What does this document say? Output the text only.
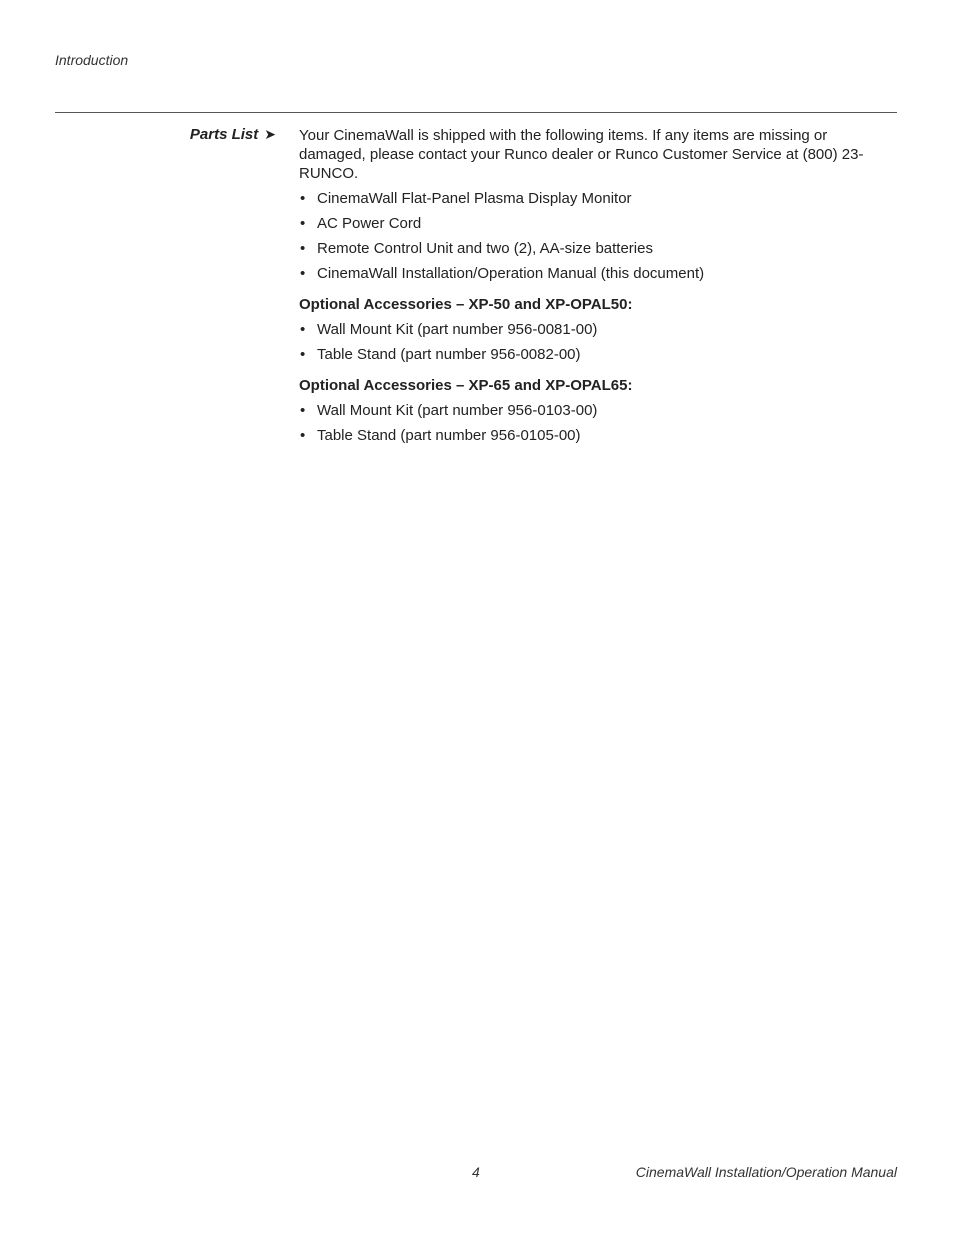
Introduction
Parts List ➤ Your CinemaWall is shipped with the following items. If any items are missing or damaged, please contact your Runco dealer or Runco Customer Service at (800) 23-RUNCO.

• CinemaWall Flat-Panel Plasma Display Monitor
• AC Power Cord
• Remote Control Unit and two (2), AA-size batteries
• CinemaWall Installation/Operation Manual (this document)
Optional Accessories – XP-50 and XP-OPAL50:
• Wall Mount Kit (part number 956-0081-00)
• Table Stand (part number 956-0082-00)
Optional Accessories – XP-65 and XP-OPAL65:
• Wall Mount Kit (part number 956-0103-00)
• Table Stand (part number 956-0105-00)
4	CinemaWall Installation/Operation Manual
